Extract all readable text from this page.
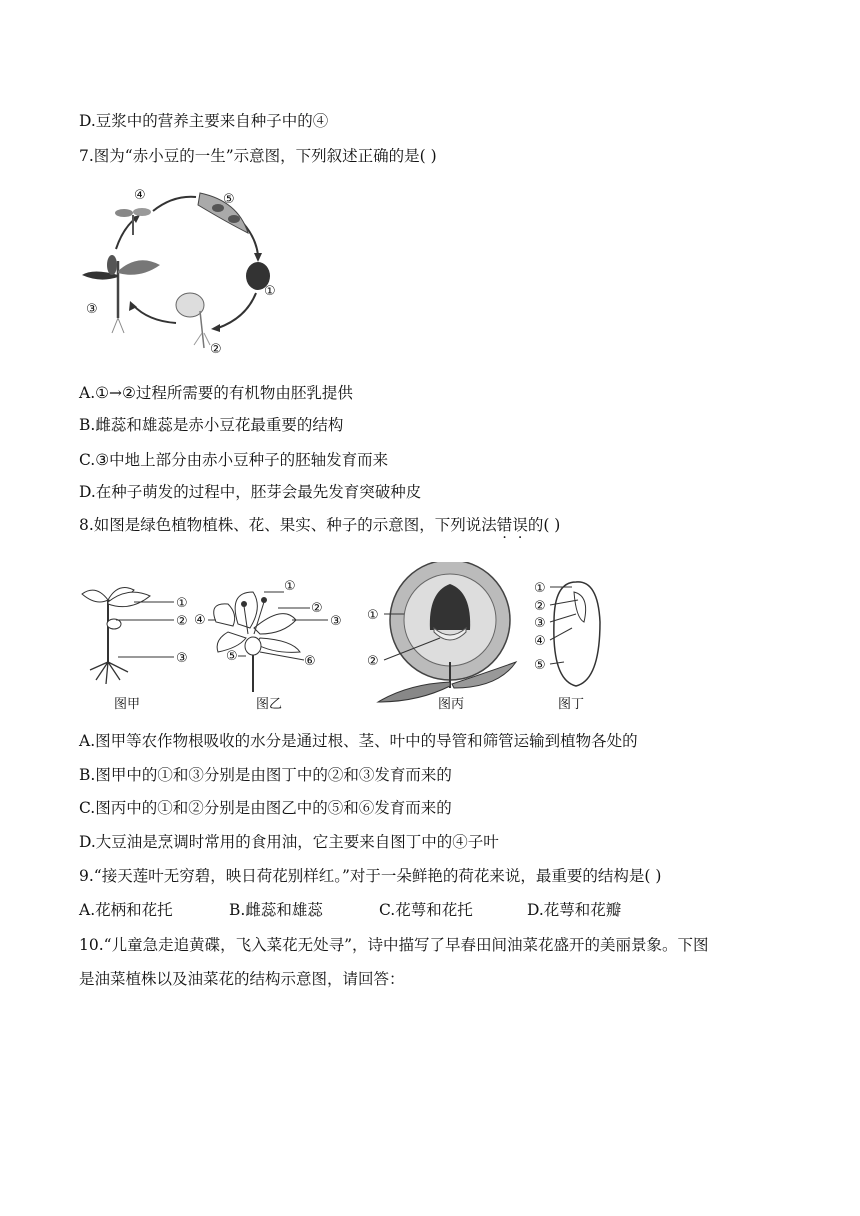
D.豆浆中的营养主要来自种子中的④
7.图为“赤小豆的一生”示意图，下列叙述正确的是( )
④	⑤
①
②
③
A.①→②过程所需要的有机物由胚乳提供
B.雌蕊和雄蕊是赤小豆花最重要的结构
C.③中地上部分由赤小豆种子的胚轴发育而来
D.在种子萌发的过程中，胚芽会最先发育突破种皮
8.如图是绿色植物植株、花、果实、种子的示意图，下列说法错误的( )
①
②
③
图甲
①
②
③
④
⑤	⑥
图乙
①
②
图丙
①
②
③
④
⑤
图丁
A.图甲等农作物根吸收的水分是通过根、茎、叶中的导管和筛管运输到植物各处的
B.图甲中的①和③分别是由图丁中的②和③发育而来的
C.图丙中的①和②分别是由图乙中的⑤和⑥发育而来的
D.大豆油是烹调时常用的食用油，它主要来自图丁中的④子叶
9.“接天莲叶无穷碧，映日荷花别样红。”对于一朵鲜艳的荷花来说，最重要的结构是( )
A.花柄和花托	B.雌蕊和雄蕊	C.花萼和花托	D.花萼和花瓣
10.“儿童急走追黄碟，飞入菜花无处寻”，诗中描写了早春田间油菜花盛开的美丽景象。下图
是油菜植株以及油菜花的结构示意图，请回答：
